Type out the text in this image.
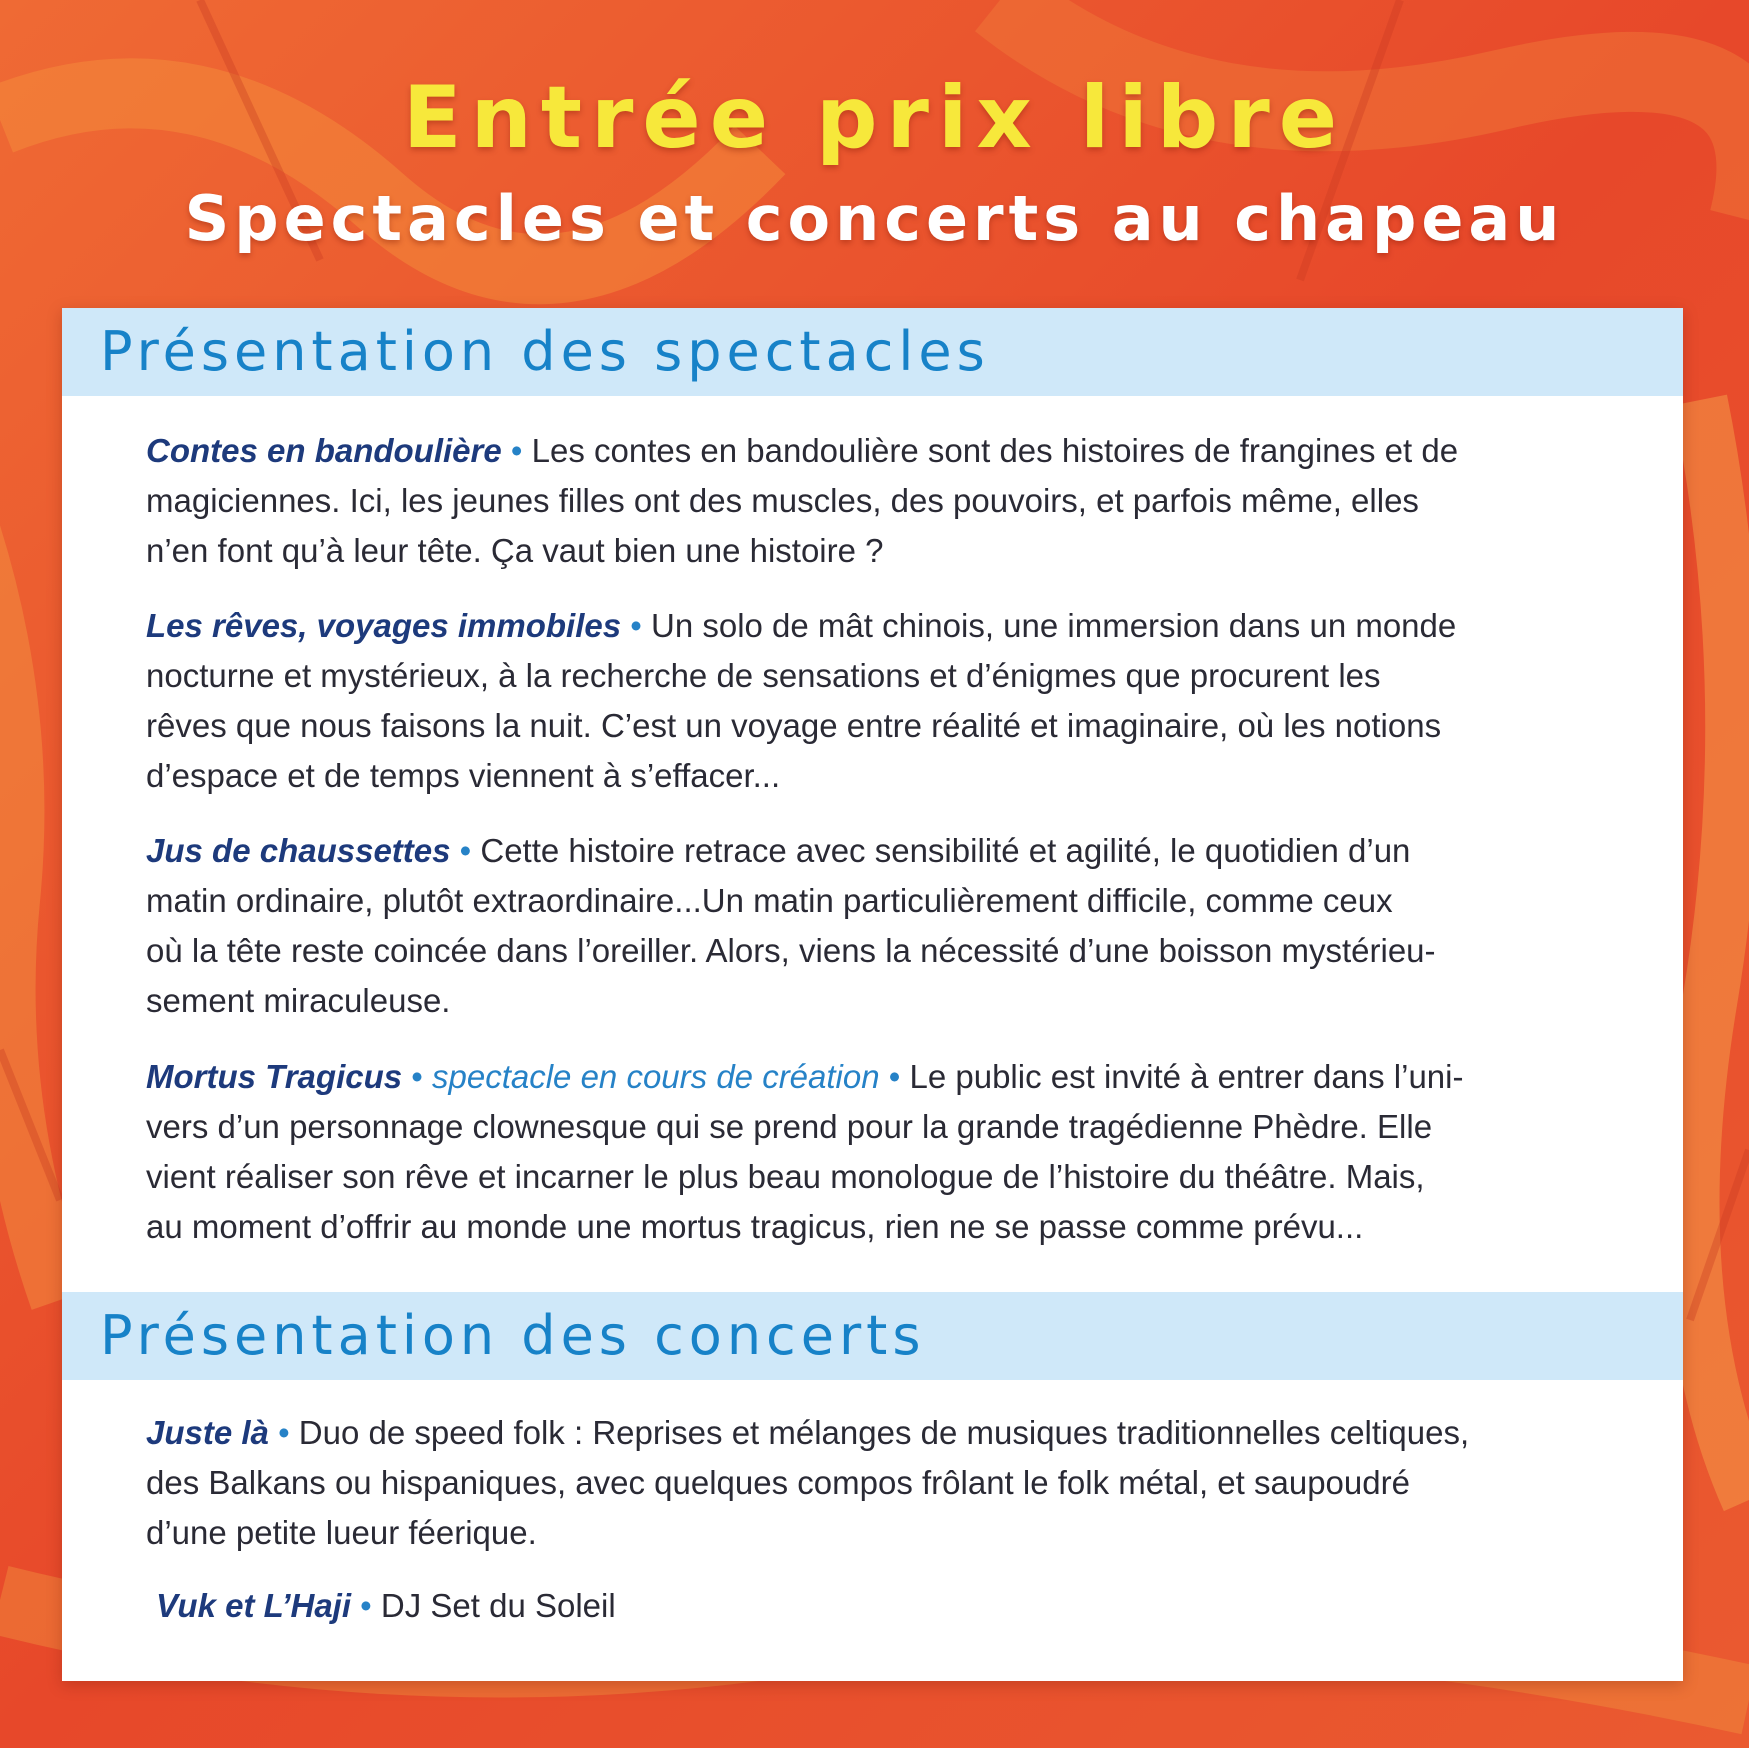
Entrée prix libre
Spectacles et concerts au chapeau
Présentation des spectacles

Contes en bandoulière • Les contes en bandoulière sont des histoires de frangines et de
magiciennes. Ici, les jeunes filles ont des muscles, des pouvoirs, et parfois même, elles
n’en font qu’à leur tête. Ça vaut bien une histoire ?

Les rêves, voyages immobiles • Un solo de mât chinois, une immersion dans un monde
nocturne et mystérieux, à la recherche de sensations et d’énigmes que procurent les
rêves que nous faisons la nuit. C’est un voyage entre réalité et imaginaire, où les notions
d’espace et de temps viennent à s’effacer...

Jus de chaussettes • Cette histoire retrace avec sensibilité et agilité, le quotidien d’un
matin ordinaire, plutôt extraordinaire...Un matin particulièrement difficile, comme ceux
où la tête reste coincée dans l’oreiller. Alors, viens la nécessité d’une boisson mystérieu-
sement miraculeuse.

Mortus Tragicus • spectacle en cours de création • Le public est invité à entrer dans l’uni-
vers d’un personnage clownesque qui se prend pour la grande tragédienne Phèdre. Elle
vient réaliser son rêve et incarner le plus beau monologue de l’histoire du théâtre. Mais,
au moment d’offrir au monde une mortus tragicus, rien ne se passe comme prévu...

Présentation des concerts

Juste là • Duo de speed folk : Reprises et mélanges de musiques traditionnelles celtiques,
des Balkans ou hispaniques, avec quelques compos frôlant le folk métal, et saupoudré
d’une petite lueur féerique.

Vuk et L’Haji • DJ Set du Soleil
